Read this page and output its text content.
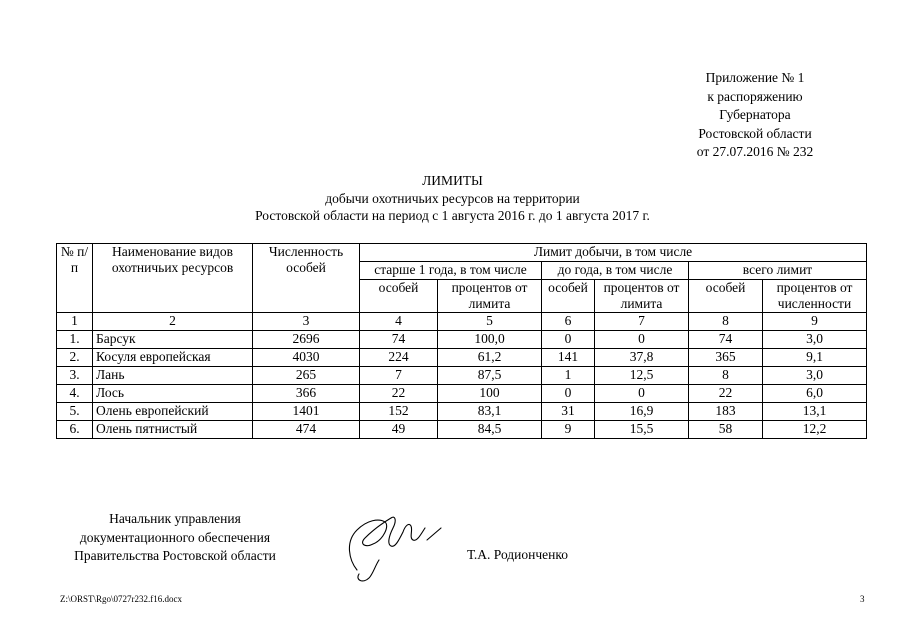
Приложение № 1
к распоряжению
Губернатора
Ростовской области
от 27.07.2016 № 232
ЛИМИТЫ
добычи охотничьих ресурсов на территории
Ростовской области на период с 1 августа 2016 г. до 1 августа 2017 г.
№ п/п	Наименование видов охотничьих ресурсов	Численность особей	Лимит добычи, в том числе					
			старше 1 года, в том числе		до года, в том числе		всего лимит	
			особей	процентов от лимита	особей	процентов от лимита	особей	процентов от численности
1	2	3	4	5	6	7	8	9
1.	Барсук	2696	74	100,0	0	0	74	3,0
2.	Косуля европейская	4030	224	61,2	141	37,8	365	9,1
3.	Лань	265	7	87,5	1	12,5	8	3,0
4.	Лось	366	22	100	0	0	22	6,0
5.	Олень европейский	1401	152	83,1	31	16,9	183	13,1
6.	Олень пятнистый	474	49	84,5	9	15,5	58	12,2
Начальник управления
документационного обеспечения
Правительства Ростовской области	Т.А. Родионченко
Z:\ORST\Rgo\0727r232.f16.docx	3
